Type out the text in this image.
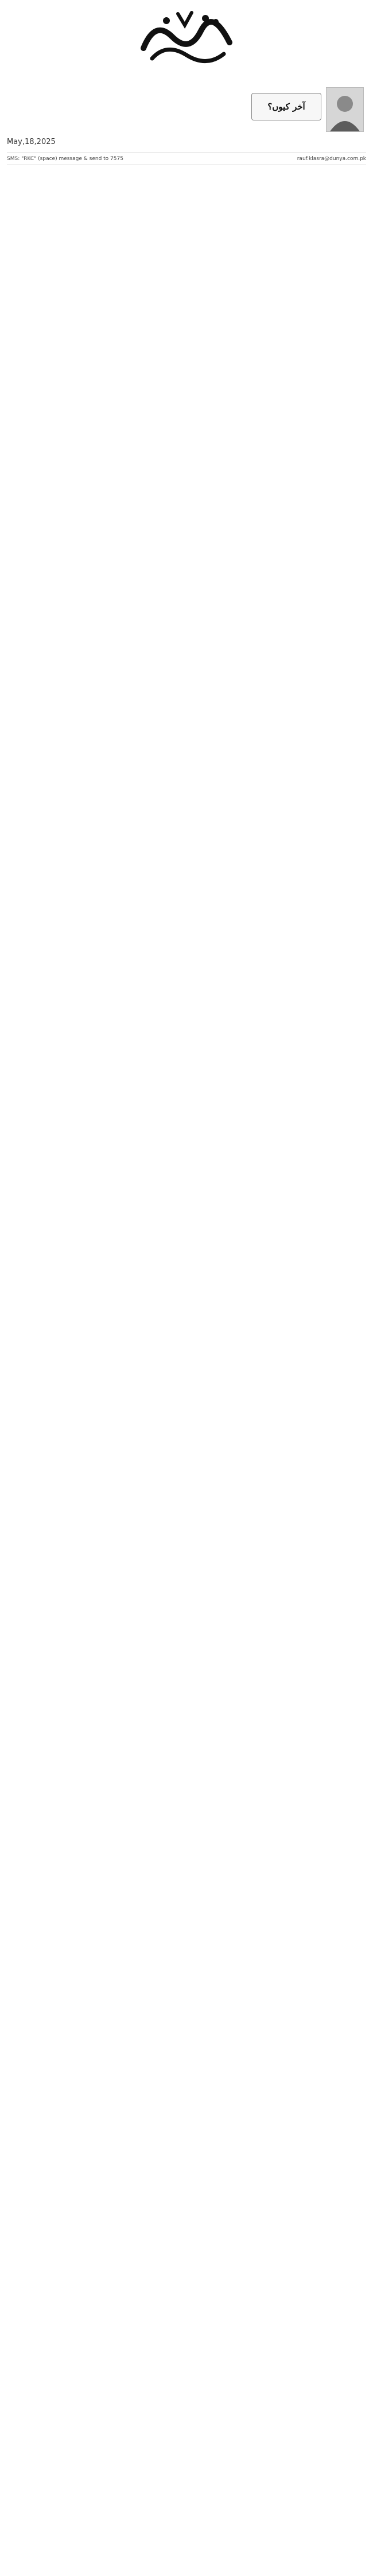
آخر کیوں؟
May,18,2025
SMS: "RKC" (space) message & send to 7575	rauf.klasra@dunya.com.pk
